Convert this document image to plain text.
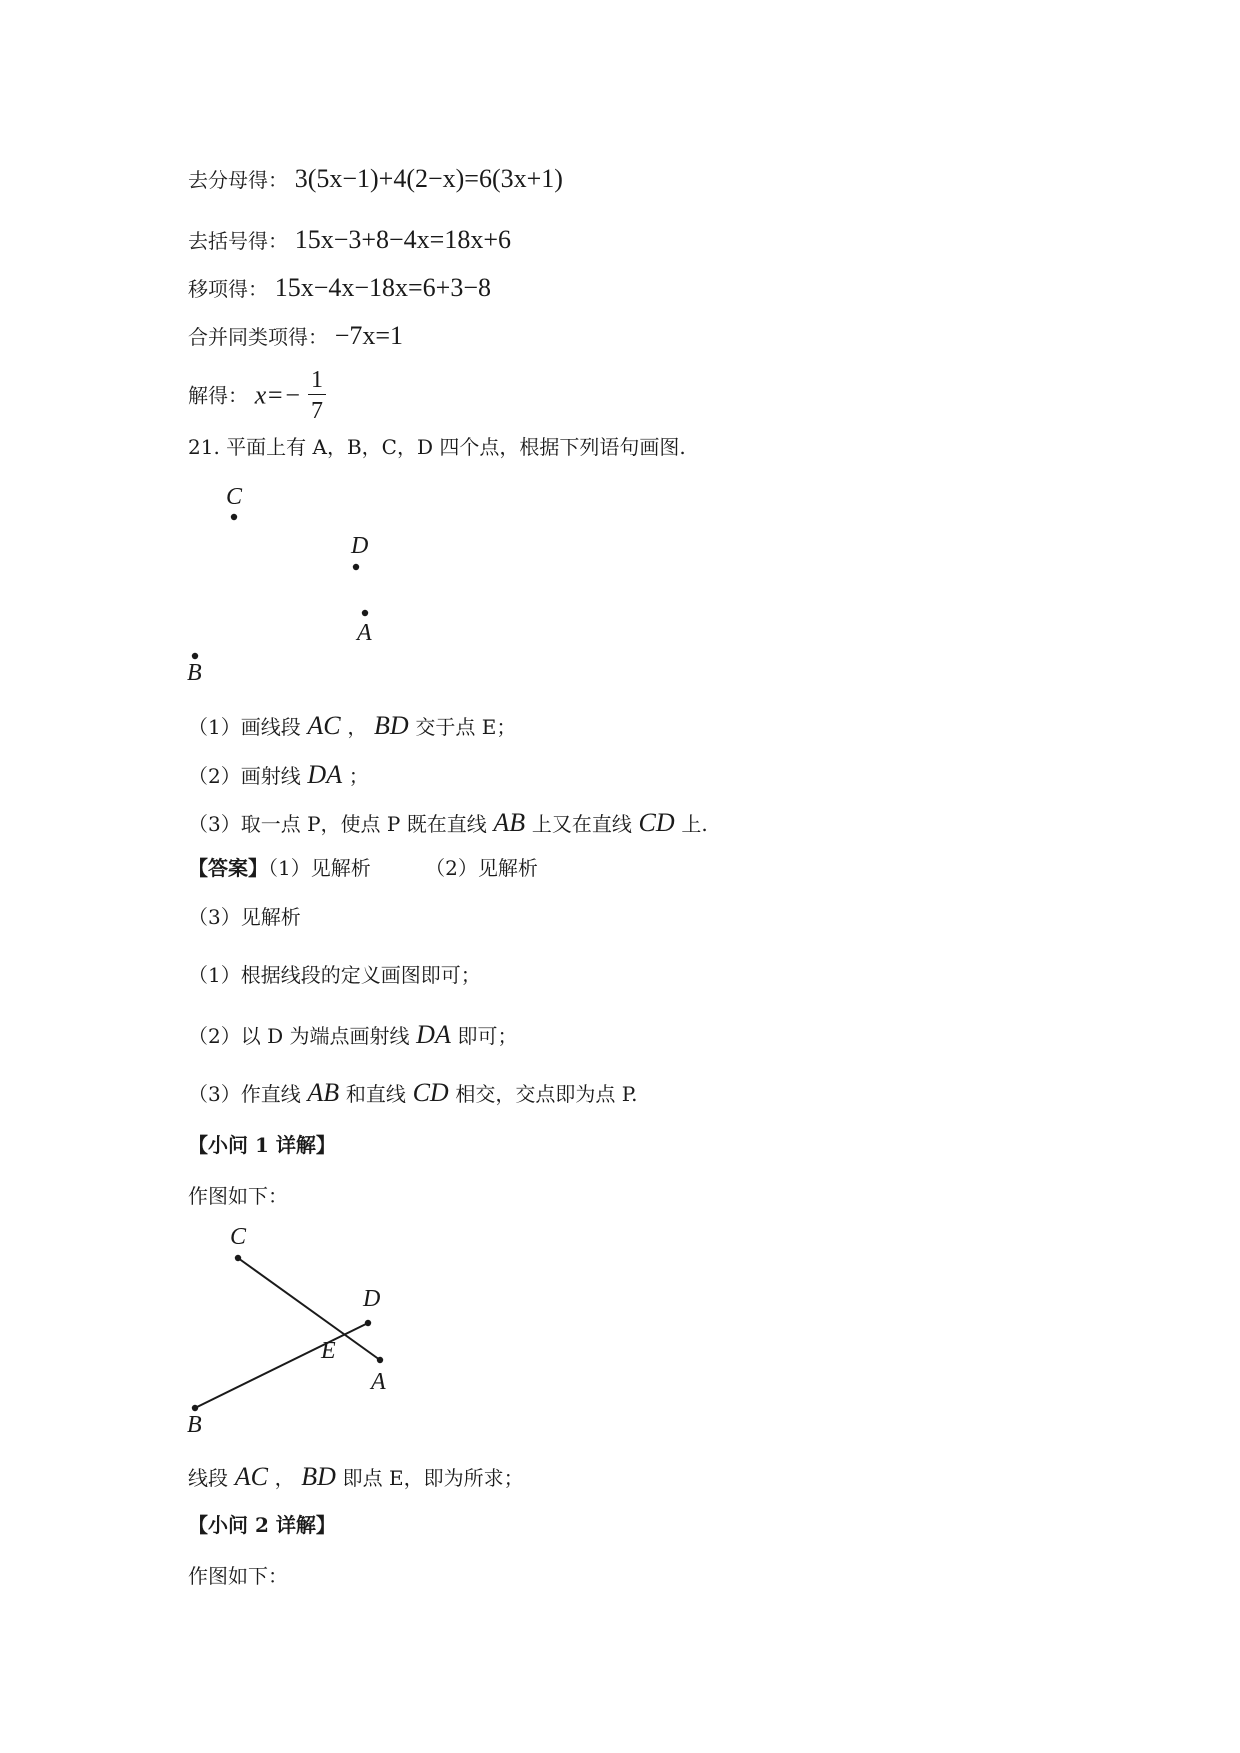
去分母得： 3(5x−1)+4(2−x)=6(3x+1)
去括号得： 15x−3+8−4x=18x+6
移项得： 15x−4x−18x=6+3−8
合并同类项得： −7x=1
解得： $x=- \frac{1}{7}$
21. 平面上有 A，B，C，D 四个点，根据下列语句画图.
C
D
A
B
（1）画线段 AC ， BD 交于点 E；
（2）画射线 DA ；
（3）取一点 P，使点 P 既在直线 AB 上又在直线 CD 上.
【答案】（1）见解析	（2）见解析
（3）见解析
（1）根据线段的定义画图即可；
（2）以 D 为端点画射线 DA 即可；
（3）作直线 AB 和直线 CD 相交，交点即为点 P.
【小问 1 详解】
作图如下：
C
D
E
A
B
线段 AC ， BD 即点 E，即为所求；
【小问 2 详解】
作图如下：
